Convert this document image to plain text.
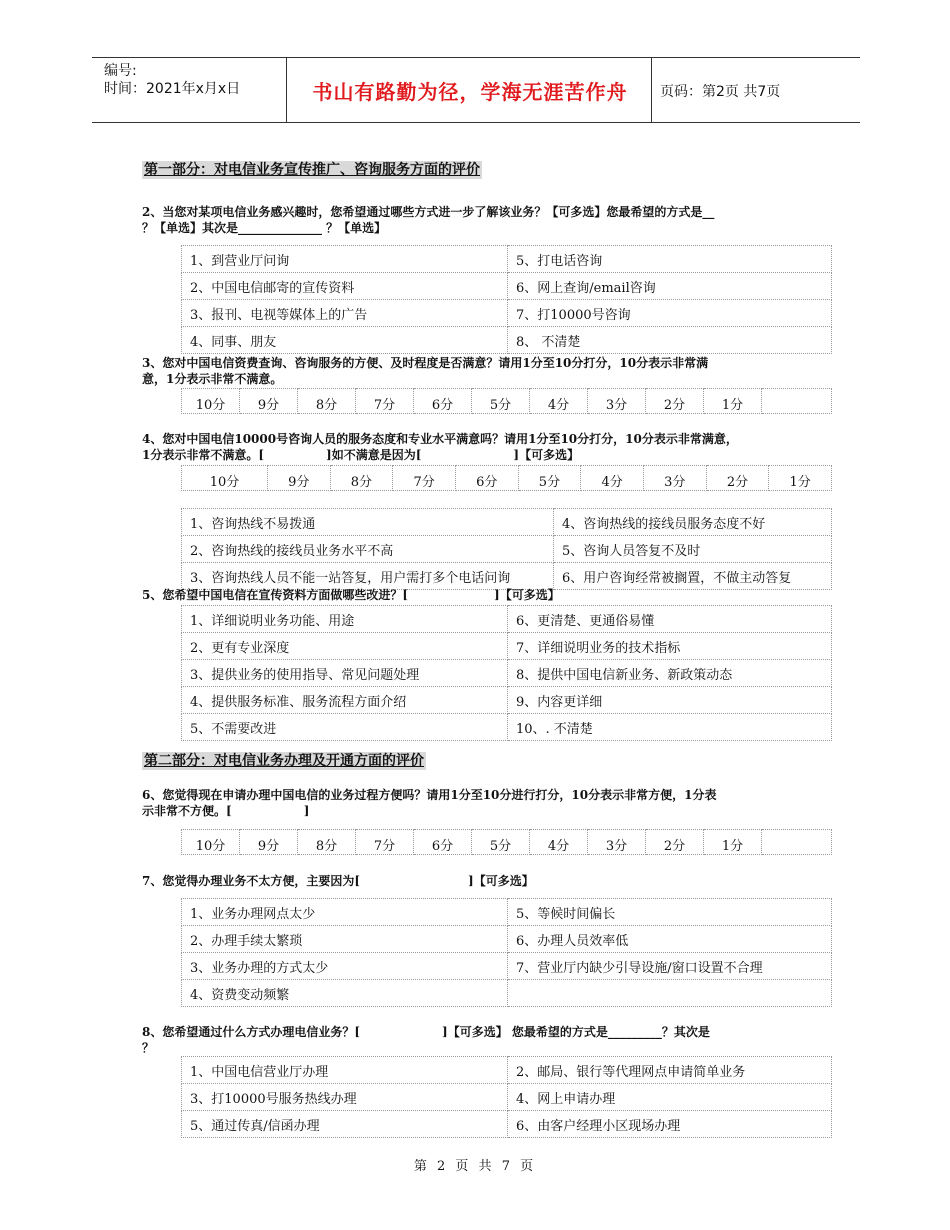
编号:
时间：2021年x月x日	书山有路勤为径，学海无涯苦作舟	页码：第2页 共7页
第一部分：对电信业务宣传推广、咨询服务方面的评价
2、当您对某项电信业务感兴趣时，您希望通过哪些方式进一步了解该业务？【可多选】您最希望的方式是__
？【单选】其次是______________ ？【单选】
1、到营业厅问询	5、打电话咨询
2、中国电信邮寄的宣传资料	6、网上查询/email咨询
3、报刊、电视等媒体上的广告	7、打10000号咨询
4、同事、朋友	8、 不清楚
3、您对中国电信资费查询、咨询服务的方便、及时程度是否满意？请用1分至10分打分，10分表示非常满
意，1分表示非常不满意。
10分	9分	8分	7分	6分	5分	4分	3分	2分	1分	
4、您对中国电信10000号咨询人员的服务态度和专业水平满意吗？请用1分至10分打分，10分表示非常满意，
1分表示非常不满意。[	]如不满意是因为[	]【可多选】
10分	9分	8分	7分	6分	5分	4分	3分	2分	1分
1、咨询热线不易拨通	4、咨询热线的接线员服务态度不好
2、咨询热线的接线员业务水平不高	5、咨询人员答复不及时
3、咨询热线人员不能一站答复，用户需打多个电话问询	6、用户咨询经常被搁置，不做主动答复
5、您希望中国电信在宣传资料方面做哪些改进？[	]【可多选】
1、详细说明业务功能、用途	6、更清楚、更通俗易懂
2、更有专业深度	7、详细说明业务的技术指标
3、提供业务的使用指导、常见问题处理	8、提供中国电信新业务、新政策动态
4、提供服务标准、服务流程方面介绍	9、内容更详细
5、不需要改进	10、. 不清楚
第二部分：对电信业务办理及开通方面的评价
6、您觉得现在申请办理中国电信的业务过程方便吗？请用1分至10分进行打分，10分表示非常方便，1分表
示非常不方便。[	]
10分	9分	8分	7分	6分	5分	4分	3分	2分	1分	
7、您觉得办理业务不太方便，主要因为[	]【可多选】
1、业务办理网点太少	5、等候时间偏长
2、办理手续太繁琐	6、办理人员效率低
3、业务办理的方式太少	7、营业厅内缺少引导设施/窗口设置不合理
4、资费变动频繁	
8、您希望通过什么方式办理电信业务？[	]【可多选】 您最希望的方式是_________？其次是
？
1、中国电信营业厅办理	2、邮局、银行等代理网点申请简单业务
3、打10000号服务热线办理	4、网上申请办理
5、通过传真/信函办理	6、由客户经理小区现场办理
第 2 页 共 7 页
